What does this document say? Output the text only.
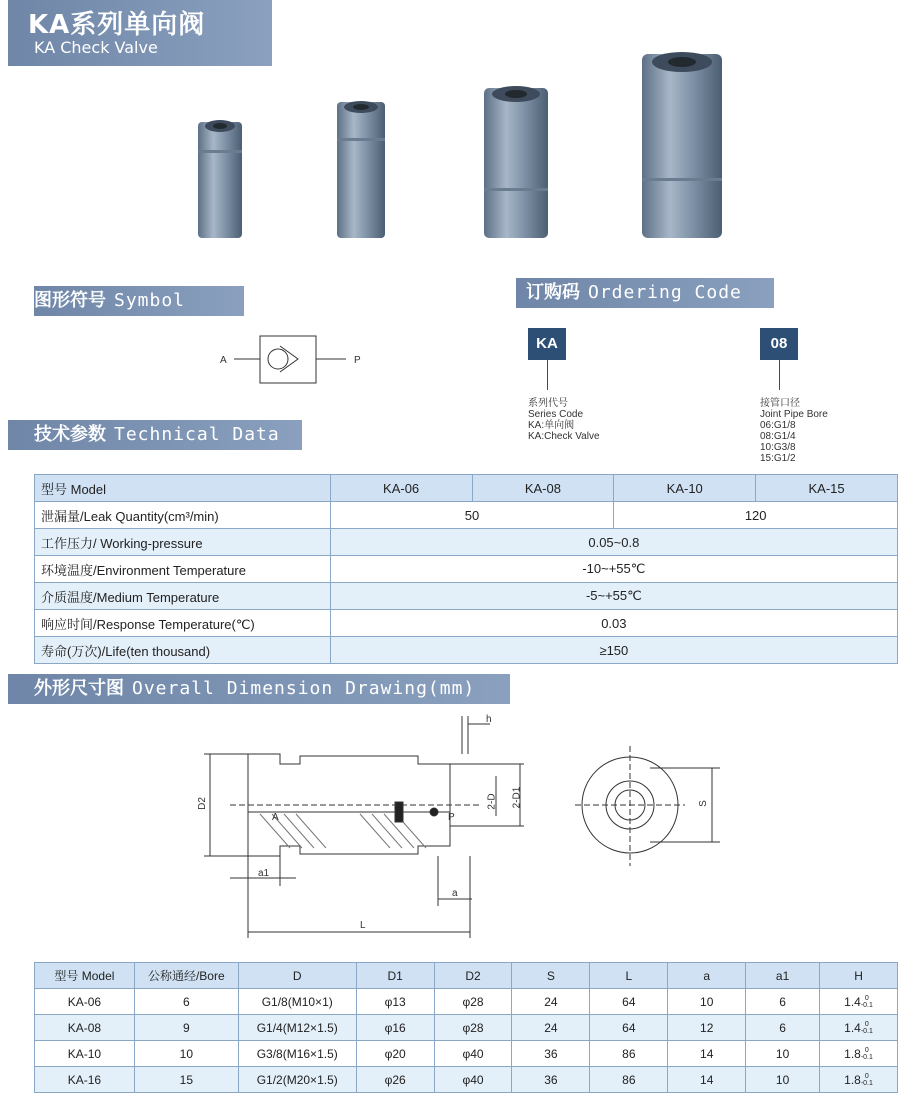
KA系列单向阀
KA Check Valve
图形符号 Symbol
A	P
订购码 Ordering Code
KA
系列代号
Series Code
KA:单向阀
KA:Check Valve
08
接管口径
Joint Pipe Bore
06:G1/8
08:G1/4
10:G3/8
15:G1/2
技术参数 Technical Data
型号 Model	KA-06	KA-08	KA-10	KA-15
泄漏量/Leak Quantity(cm³/min)	50		120	
工作压力/ Working-pressure	0.05~0.8			
环境温度/Environment Temperature	-10~+55℃			
介质温度/Medium Temperature	-5~+55℃			
响应时间/Response Temperature(℃)	0.03			
寿命(万次)/Life(ten thousand)	≥150			
外形尺寸图 Overall Dimension Drawing(mm)
h
D2	2-D 2-D1
A	P
a1
a
L
S
型号 Model	公称通经/Bore	D	D1	D2	S	L	a	a1	H
KA-06	6	G1/8(M10×1)	φ13	φ28	24	64	10	6	1.4 0
-0.1
KA-08	9	G1/4(M12×1.5)	φ16	φ28	24	64	12	6	1.4 0
-0.1
KA-10	10	G3/8(M16×1.5)	φ20	φ40	36	86	14	10	1.8 0
-0.1
KA-16	15	G1/2(M20×1.5)	φ26	φ40	36	86	14	10	1.8 0
-0.1
